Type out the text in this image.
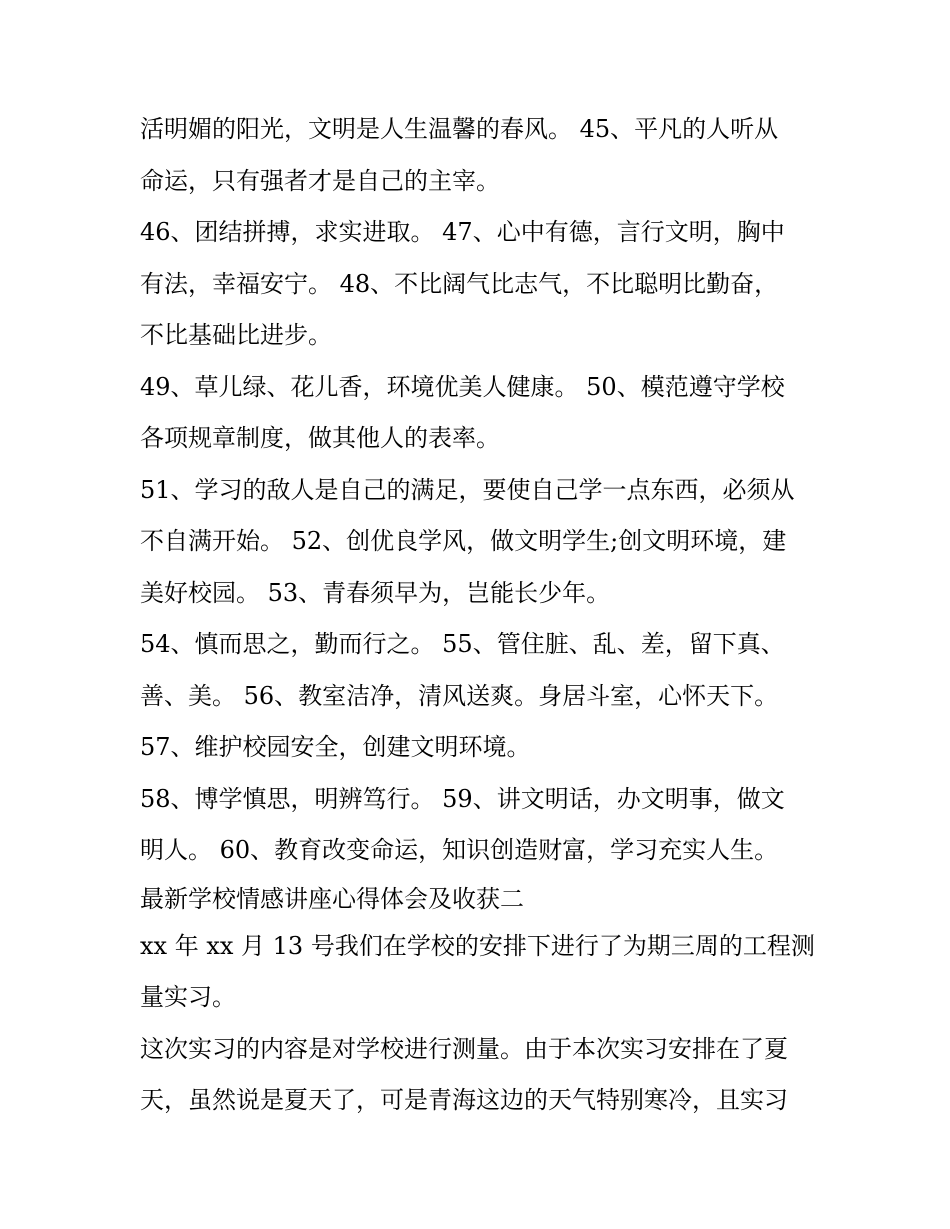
活明媚的阳光，文明是人生温馨的春风。 45、平凡的人听从
命运，只有强者才是自己的主宰。
46、团结拼搏，求实进取。 47、心中有德，言行文明，胸中
有法，幸福安宁。 48、不比阔气比志气，不比聪明比勤奋，
不比基础比进步。
49、草儿绿、花儿香，环境优美人健康。 50、模范遵守学校
各项规章制度，做其他人的表率。
51、学习的敌人是自己的满足，要使自己学一点东西，必须从
不自满开始。 52、创优良学风，做文明学生;创文明环境，建
美好校园。 53、青春须早为，岂能长少年。
54、慎而思之，勤而行之。 55、管住脏、乱、差，留下真、
善、美。 56、教室洁净，清风送爽。身居斗室，心怀天下。
57、维护校园安全，创建文明环境。
58、博学慎思，明辨笃行。 59、讲文明话，办文明事，做文
明人。 60、教育改变命运，知识创造财富，学习充实人生。
最新学校情感讲座心得体会及收获二
xx 年 xx 月 13 号我们在学校的安排下进行了为期三周的工程测
量实习。
这次实习的内容是对学校进行测量。由于本次实习安排在了夏
天，虽然说是夏天了，可是青海这边的天气特别寒冷，且实习
